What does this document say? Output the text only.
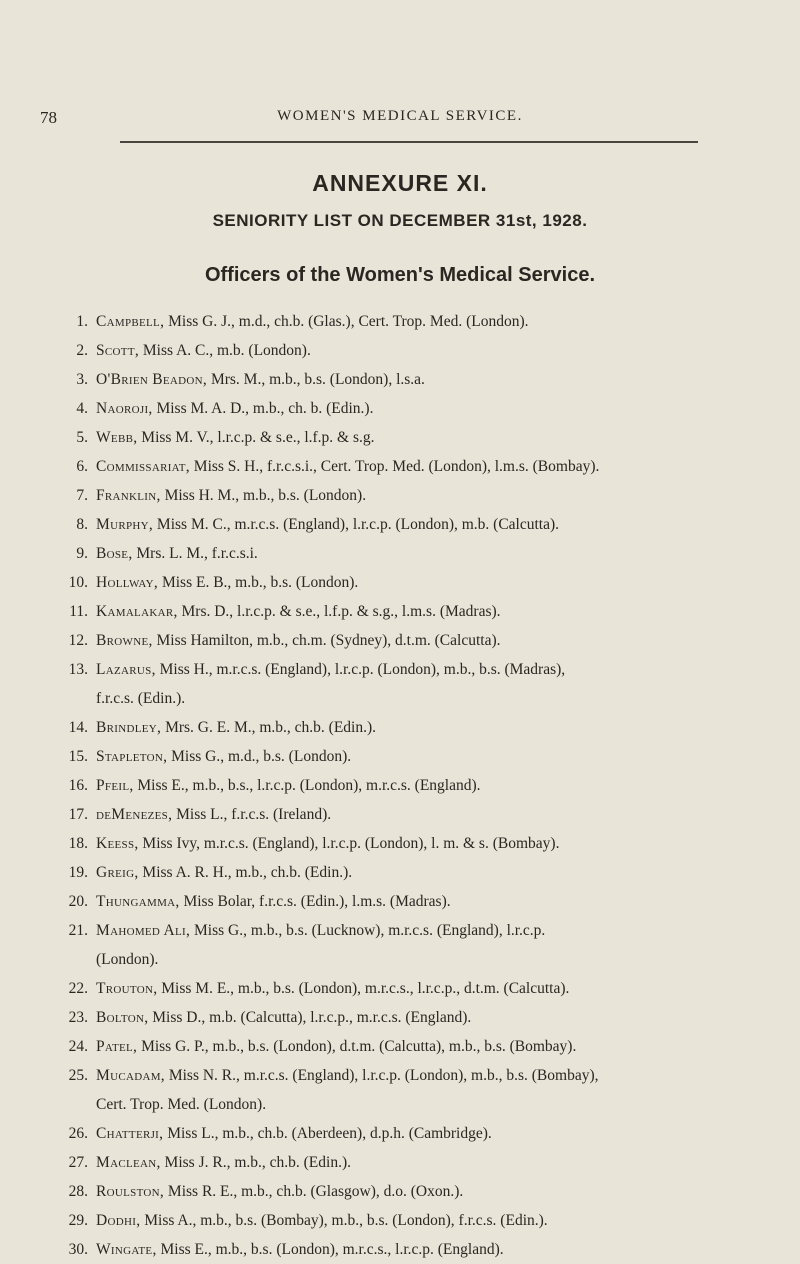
78	WOMEN'S MEDICAL SERVICE.
ANNEXURE XI.
SENIORITY LIST ON DECEMBER 31st, 1928.
Officers of the Women's Medical Service.
1. Campbell, Miss G. J., m.d., ch.b. (Glas.), Cert. Trop. Med. (London).
2. Scott, Miss A. C., m.b. (London).
3. O'Brien Beadon, Mrs. M., m.b., b.s. (London), l.s.a.
4. Naoroji, Miss M. A. D., m.b., ch. b. (Edin.).
5. Webb, Miss M. V., l.r.c.p. & s.e., l.f.p. & s.g.
6. Commissariat, Miss S. H., f.r.c.s.i., Cert. Trop. Med. (London), l.m.s. (Bombay).
7. Franklin, Miss H. M., m.b., b.s. (London).
8. Murphy, Miss M. C., m.r.c.s. (England), l.r.c.p. (London), m.b. (Calcutta).
9. Bose, Mrs. L. M., f.r.c.s.i.
10. Hollway, Miss E. B., m.b., b.s. (London).
11. Kamalakar, Mrs. D., l.r.c.p. & s.e., l.f.p. & s.g., l.m.s. (Madras).
12. Browne, Miss Hamilton, m.b., ch.m. (Sydney), d.t.m. (Calcutta).
13. Lazarus, Miss H., m.r.c.s. (England), l.r.c.p. (London), m.b., b.s. (Madras),
f.r.c.s. (Edin.).
14. Brindley, Mrs. G. E. M., m.b., ch.b. (Edin.).
15. Stapleton, Miss G., m.d., b.s. (London).
16. Pfeil, Miss E., m.b., b.s., l.r.c.p. (London), m.r.c.s. (England).
17. deMenezes, Miss L., f.r.c.s. (Ireland).
18. Keess, Miss Ivy, m.r.c.s. (England), l.r.c.p. (London), l. m. & s. (Bombay).
19. Greig, Miss A. R. H., m.b., ch.b. (Edin.).
20. Thungamma, Miss Bolar, f.r.c.s. (Edin.), l.m.s. (Madras).
21. Mahomed Ali, Miss G., m.b., b.s. (Lucknow), m.r.c.s. (England), l.r.c.p.
(London).
22. Trouton, Miss M. E., m.b., b.s. (London), m.r.c.s., l.r.c.p., d.t.m. (Calcutta).
23. Bolton, Miss D., m.b. (Calcutta), l.r.c.p., m.r.c.s. (England).
24. Patel, Miss G. P., m.b., b.s. (London), d.t.m. (Calcutta), m.b., b.s. (Bombay).
25. Mucadam, Miss N. R., m.r.c.s. (England), l.r.c.p. (London), m.b., b.s. (Bombay),
Cert. Trop. Med. (London).
26. Chatterji, Miss L., m.b., ch.b. (Aberdeen), d.p.h. (Cambridge).
27. Maclean, Miss J. R., m.b., ch.b. (Edin.).
28. Roulston, Miss R. E., m.b., ch.b. (Glasgow), d.o. (Oxon.).
29. Dodhi, Miss A., m.b., b.s. (Bombay), m.b., b.s. (London), f.r.c.s. (Edin.).
30. Wingate, Miss E., m.b., b.s. (London), m.r.c.s., l.r.c.p. (England).
